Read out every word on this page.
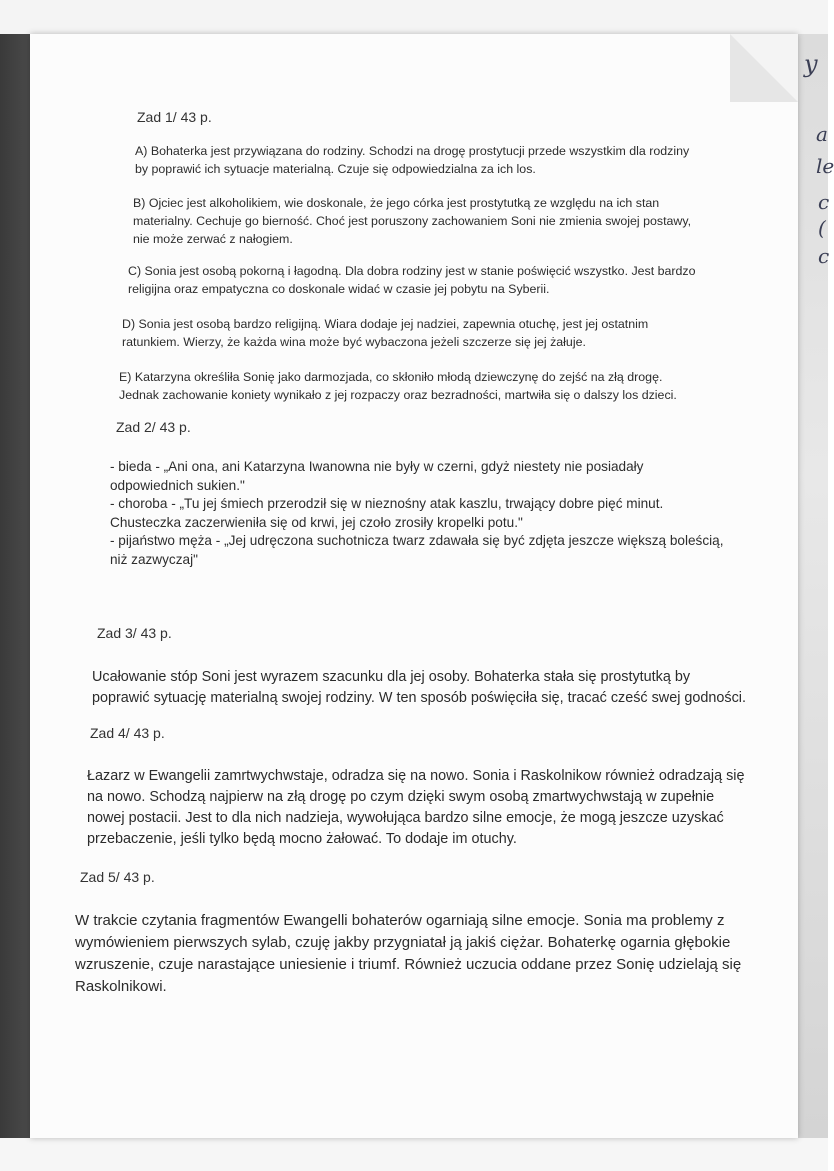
y
a
le
c
(
c
Zad 1/ 43 p.
A) Bohaterka jest przywiązana do rodziny. Schodzi na drogę prostytucji przede wszystkim dla rodziny
by poprawić ich sytuacje materialną. Czuje się odpowiedzialna za ich los.
B) Ojciec jest alkoholikiem, wie doskonale, że jego córka jest prostytutką ze względu na ich stan
materialny. Cechuje go bierność. Choć jest poruszony zachowaniem Soni nie zmienia swojej postawy,
nie może zerwać z nałogiem.
C) Sonia jest osobą pokorną i łagodną. Dla dobra rodziny jest w stanie poświęcić wszystko. Jest bardzo
religijna oraz empatyczna co doskonale widać w czasie jej pobytu na Syberii.
D) Sonia jest osobą bardzo religijną. Wiara dodaje jej nadziei, zapewnia otuchę, jest jej ostatnim
ratunkiem. Wierzy, że każda wina może być wybaczona jeżeli szczerze się jej żałuje.
E) Katarzyna określiła Sonię jako darmozjada, co skłoniło młodą dziewczynę do zejść na złą drogę.
Jednak zachowanie koniety wynikało z jej rozpaczy oraz bezradności, martwiła się o dalszy los dzieci.
Zad 2/ 43 p.
- bieda - „Ani ona, ani Katarzyna Iwanowna nie były w czerni, gdyż niestety nie posiadały
odpowiednich sukien."
- choroba - „Tu jej śmiech przerodził się w nieznośny atak kaszlu, trwający dobre pięć minut.
Chusteczka zaczerwieniła się od krwi, jej czoło zrosiły kropelki potu."
- pijaństwo męża - „Jej udręczona suchotnicza twarz zdawała się być zdjęta jeszcze większą boleścią,
niż zazwyczaj"
Zad 3/ 43 p.
Ucałowanie stóp Soni jest wyrazem szacunku dla jej osoby. Bohaterka stała się prostytutką by
poprawić sytuację materialną swojej rodziny. W ten sposób poświęciła się, tracać cześć swej godności.
Zad 4/ 43 p.
Łazarz w Ewangelii zamrtwychwstaje, odradza się na nowo. Sonia i Raskolnikow również odradzają się
na nowo. Schodzą najpierw na złą drogę po czym dzięki swym osobą zmartwychwstają w zupełnie
nowej postacii. Jest to dla nich nadzieja, wywołująca bardzo silne emocje, że mogą jeszcze uzyskać
przebaczenie, jeśli tylko będą mocno żałować. To dodaje im otuchy.
Zad 5/ 43 p.
W trakcie czytania fragmentów Ewangelli bohaterów ogarniają silne emocje. Sonia ma problemy z
wymówieniem pierwszych sylab, czuję jakby przygniatał ją jakiś ciężar. Bohaterkę ogarnia głębokie
wzruszenie, czuje narastające uniesienie i triumf. Również uczucia oddane przez Sonię udzielają się
Raskolnikowi.
